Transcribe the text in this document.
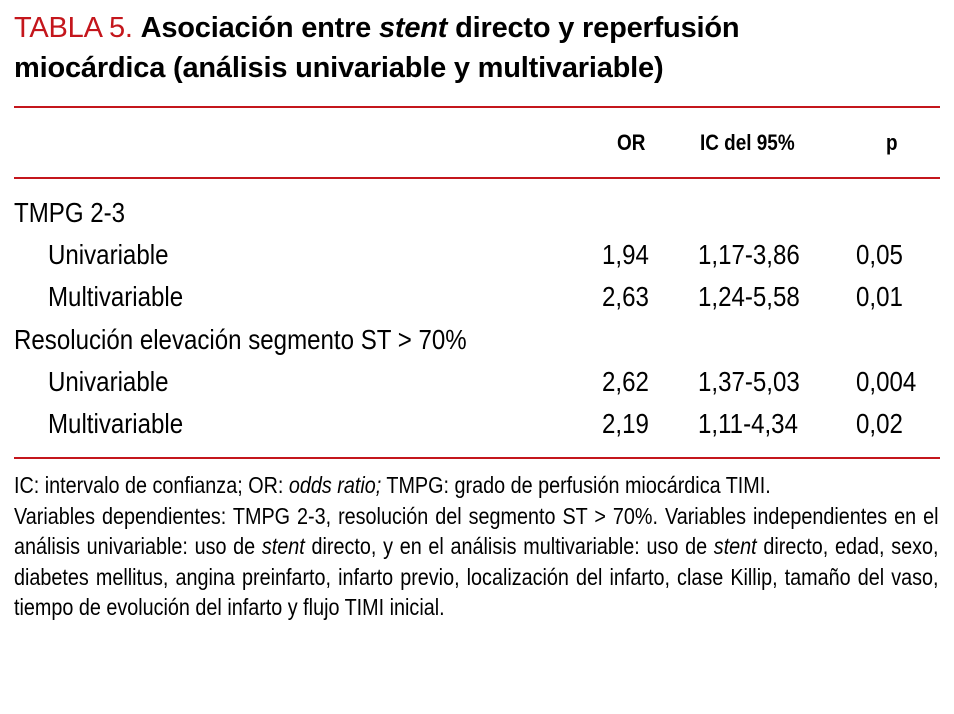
TABLA 5. Asociación entre stent directo y reperfusión
miocárdica (análisis univariable y multivariable)
OR IC del 95%	p
TMPG 2-3
Univariable	1,94 1,17-3,86 0,05
Multivariable	2,63 1,24-5,58 0,01
Resolución elevación segmento ST > 70%
Univariable	2,62 1,37-5,03 0,004
Multivariable	2,19 1,11-4,34 0,02

IC: intervalo de confianza; OR: odds ratio; TMPG: grado de perfusión miocárdica TIMI.

Variables dependientes: TMPG 2-3, resolución del segmento ST > 70%. Variables independientes en el análisis univariable: uso de stent directo, y en el análisis multivariable: uso de stent directo, edad, sexo, diabetes mellitus, angina preinfarto, infarto previo, localización del infarto, clase Killip, tamaño del vaso, tiempo de evolución del infarto y flujo TIMI inicial.
